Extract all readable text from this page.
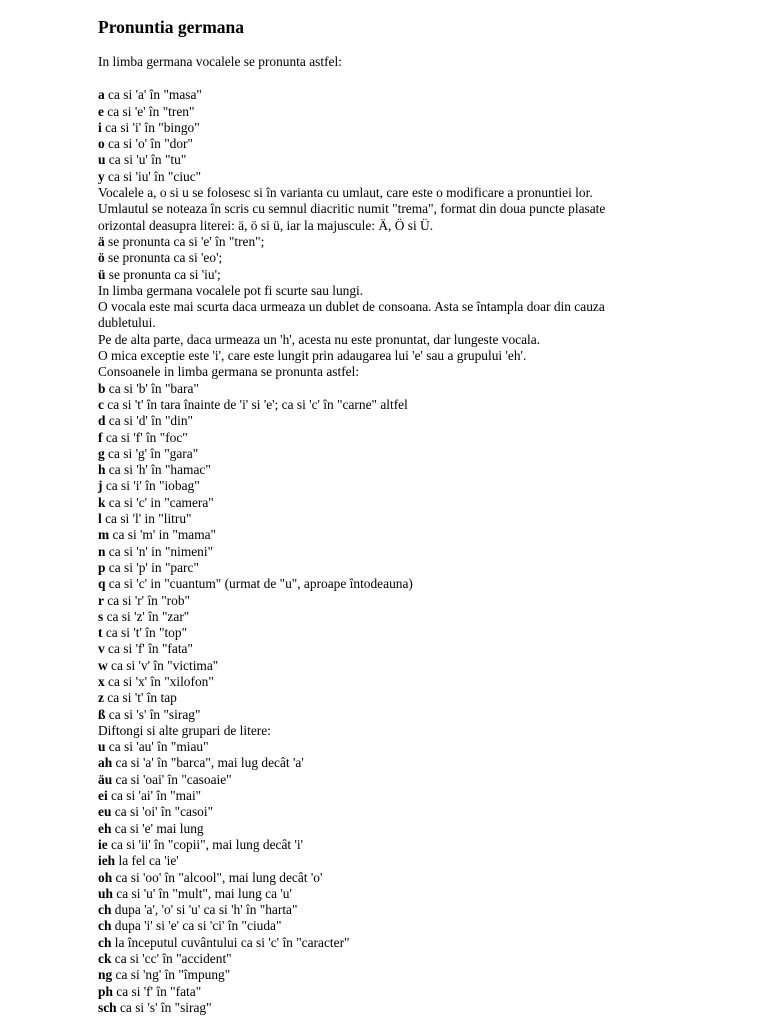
Pronuntia germana
In limba germana vocalele se pronunta astfel:
a ca si 'a' în "masa"
e ca si 'e' în "tren"
i ca si 'i' în "bingo"
o ca si 'o' în "dor"
u ca si 'u' în "tu"
y ca si 'iu' în "ciuc"
Vocalele a, o si u se folosesc si în varianta cu umlaut, care este o modificare a pronuntiei lor.
Umlautul se noteaza în scris cu semnul diacritic numit "trema", format din doua puncte plasate
orizontal deasupra literei: ä, ö si ü, iar la majuscule: Ä, Ö si Ü.
ä se pronunta ca si 'e' în "tren";
ö se pronunta ca si 'eo';
ü se pronunta ca si 'iu';
In limba germana vocalele pot fi scurte sau lungi.
O vocala este mai scurta daca urmeaza un dublet de consoana. Asta se întampla doar din cauza
dubletului.
Pe de alta parte, daca urmeaza un 'h', acesta nu este pronuntat, dar lungeste vocala.
O mica exceptie este 'i', care este lungit prin adaugarea lui 'e' sau a grupului 'eh'.
Consoanele in limba germana se pronunta astfel:
b ca si 'b' în "bara"
c ca si 't' în tara înainte de 'i' si 'e'; ca si 'c' în "carne" altfel
d ca si 'd' în "din"
f ca si 'f' în "foc"
g ca si 'g' în "gara"
h ca si 'h' în "hamac"
j ca si 'i' în "iobag"
k ca si 'c' in "camera"
l ca si 'l' in "litru"
m ca si 'm' in "mama"
n ca si 'n' in "nimeni"
p ca si 'p' in "parc"
q ca si 'c' in "cuantum" (urmat de "u", aproape întodeauna)
r ca si 'r' în "rob"
s ca si 'z' în "zar"
t ca si 't' în "top"
v ca si 'f' în "fata"
w ca si 'v' în "victima"
x ca si 'x' în "xilofon"
z ca si 't' în tap
ß ca si 's' în "sirag"
Diftongi si alte grupari de litere:
u ca si 'au' în "miau"
ah ca si 'a' în "barca", mai lug decât 'a'
äu ca si 'oai' în "casoaie"
ei ca si 'ai' în "mai"
eu ca si 'oi' în "casoi"
eh ca si 'e' mai lung
ie ca si 'ii' în "copii", mai lung decât 'i'
ieh la fel ca 'ie'
oh ca si 'oo' în "alcool", mai lung decât 'o'
uh ca si 'u' în "mult", mai lung ca 'u'
ch dupa 'a', 'o' si 'u' ca si 'h' în "harta"
ch dupa 'i' si 'e' ca si 'ci' în "ciuda"
ch la începutul cuvântului ca si 'c' în "caracter"
ck ca si 'cc' în "accident"
ng ca si 'ng' în "împung"
ph ca si 'f' în "fata"
sch ca si 's' în "sirag"
